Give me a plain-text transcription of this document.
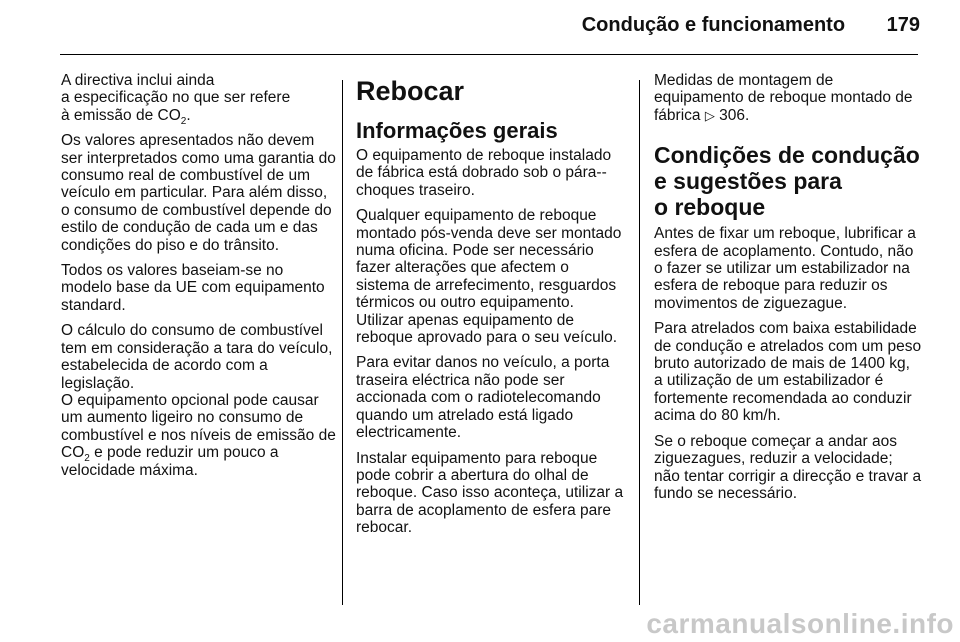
Condução e funcionamento 179

A directiva inclui ainda
a especificação no que ser refere
à emissão de $CO_2$.

Os valores apresentados não devem ser interpretados como uma garantia do consumo real de combustível de um veículo em particular. Para além disso, o consumo de combustível depende do estilo de condução de cada um e das condições do piso e do trânsito.

Todos os valores baseiam-se no modelo base da UE com equipamento standard.

O cálculo do consumo de combustível tem em consideração a tara do veículo, estabelecida de acordo com a legislação.

O equipamento opcional pode causar um aumento ligeiro no consumo de combustível e nos níveis de emissão de $CO_2$ e pode reduzir um pouco a velocidade máxima.

Rebocar
Informações gerais

O equipamento de reboque instalado de fábrica está dobrado sob o pára--choques traseiro.

Qualquer equipamento de reboque montado pós-venda deve ser montado numa oficina. Pode ser necessário fazer alterações que afectem o sistema de arrefecimento, resguardos térmicos ou outro equipamento. Utilizar apenas equipamento de reboque aprovado para o seu veículo.

Para evitar danos no veículo, a porta traseira eléctrica não pode ser accionada com o radiotelecomando quando um atrelado está ligado electricamente.

Instalar equipamento para reboque pode cobrir a abertura do olhal de reboque. Caso isso aconteça, utilizar a barra de acoplamento de esfera pare rebocar.

Medidas de montagem de equipamento de reboque montado de fábrica ▷ 306.

Condições de condução
e sugestões para
o reboque

Antes de fixar um reboque, lubrificar a esfera de acoplamento. Contudo, não o fazer se utilizar um estabilizador na esfera de reboque para reduzir os movimentos de ziguezague.

Para atrelados com baixa estabilidade de condução e atrelados com um peso bruto autorizado de mais de 1400 kg, a utilização de um estabilizador é fortemente recomendada ao conduzir acima do 80 km/h.

Se o reboque começar a andar aos ziguezagues, reduzir a velocidade; não tentar corrigir a direcção e travar a fundo se necessário.

carmanualsonline.info
